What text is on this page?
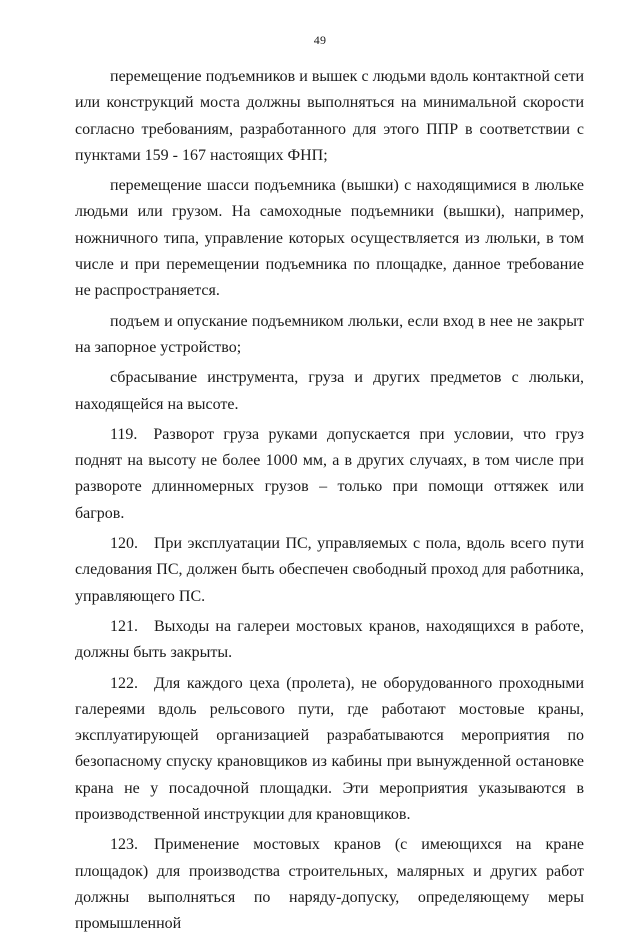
49

перемещение подъемников и вышек с людьми вдоль контактной сети или конструкций моста должны выполняться на минимальной скорости согласно требованиям, разработанного для этого ППР в соответствии с пунктами 159 - 167 настоящих ФНП;

перемещение шасси подъемника (вышки) с находящимися в люльке людьми или грузом. На самоходные подъемники (вышки), например, ножничного типа, управление которых осуществляется из люльки, в том числе и при перемещении подъемника по площадке, данное требование не распространяется.

подъем и опускание подъемником люльки, если вход в нее не закрыт на запорное устройство;

сбрасывание инструмента, груза и других предметов с люльки, находящейся на высоте.

119. Разворот груза руками допускается при условии, что груз поднят на высоту не более 1000 мм, а в других случаях, в том числе при развороте длинномерных грузов – только при помощи оттяжек или багров.

120. При эксплуатации ПС, управляемых с пола, вдоль всего пути следования ПС, должен быть обеспечен свободный проход для работника, управляющего ПС.

121. Выходы на галереи мостовых кранов, находящихся в работе, должны быть закрыты.

122. Для каждого цеха (пролета), не оборудованного проходными галереями вдоль рельсового пути, где работают мостовые краны, эксплуатирующей организацией разрабатываются мероприятия по безопасному спуску крановщиков из кабины при вынужденной остановке крана не у посадочной площадки. Эти мероприятия указываются в производственной инструкции для крановщиков.

123. Применение мостовых кранов (с имеющихся на кране площадок) для производства строительных, малярных и других работ должны выполняться по наряду-допуску, определяющему меры промышленной
